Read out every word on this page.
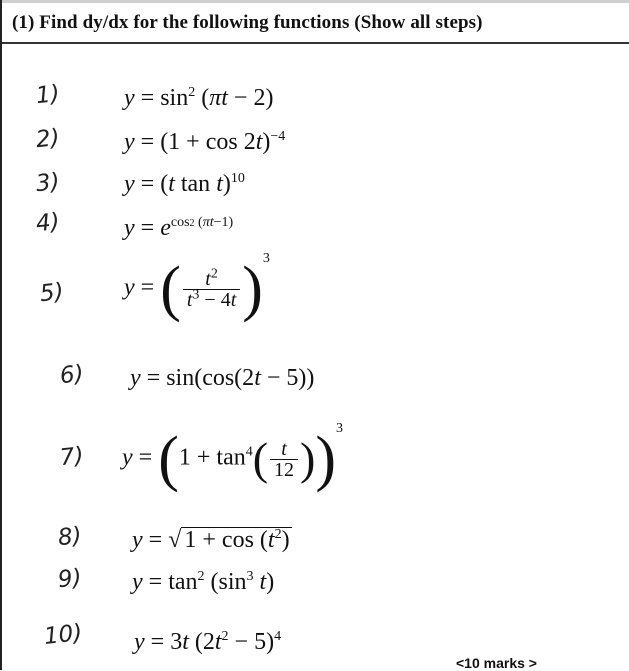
(1) Find dy/dx for the following functions (Show all steps)
1)	$y = \sin^2 (\pi t - 2)$
2)	$y = (1 + \cos 2t)^{-4}$
3)	y = (t tan t)$^{10}$
4)	$y = e^{cos2 (\pi t-1)}$
5) y = ( $\frac{t^2}{t^3 - 4t} )^3$
6) y = sin(cos(2t − 5))
7) $y = (1 + \tan^4( \frac{t}{12} ))^3$
8) y = √ $1 + \cos (t^2)$
9) $y = \tan^2 (\sin^3$ t)
10) y = 3t $(2t^2 - 5)^4$
<10 marks >
